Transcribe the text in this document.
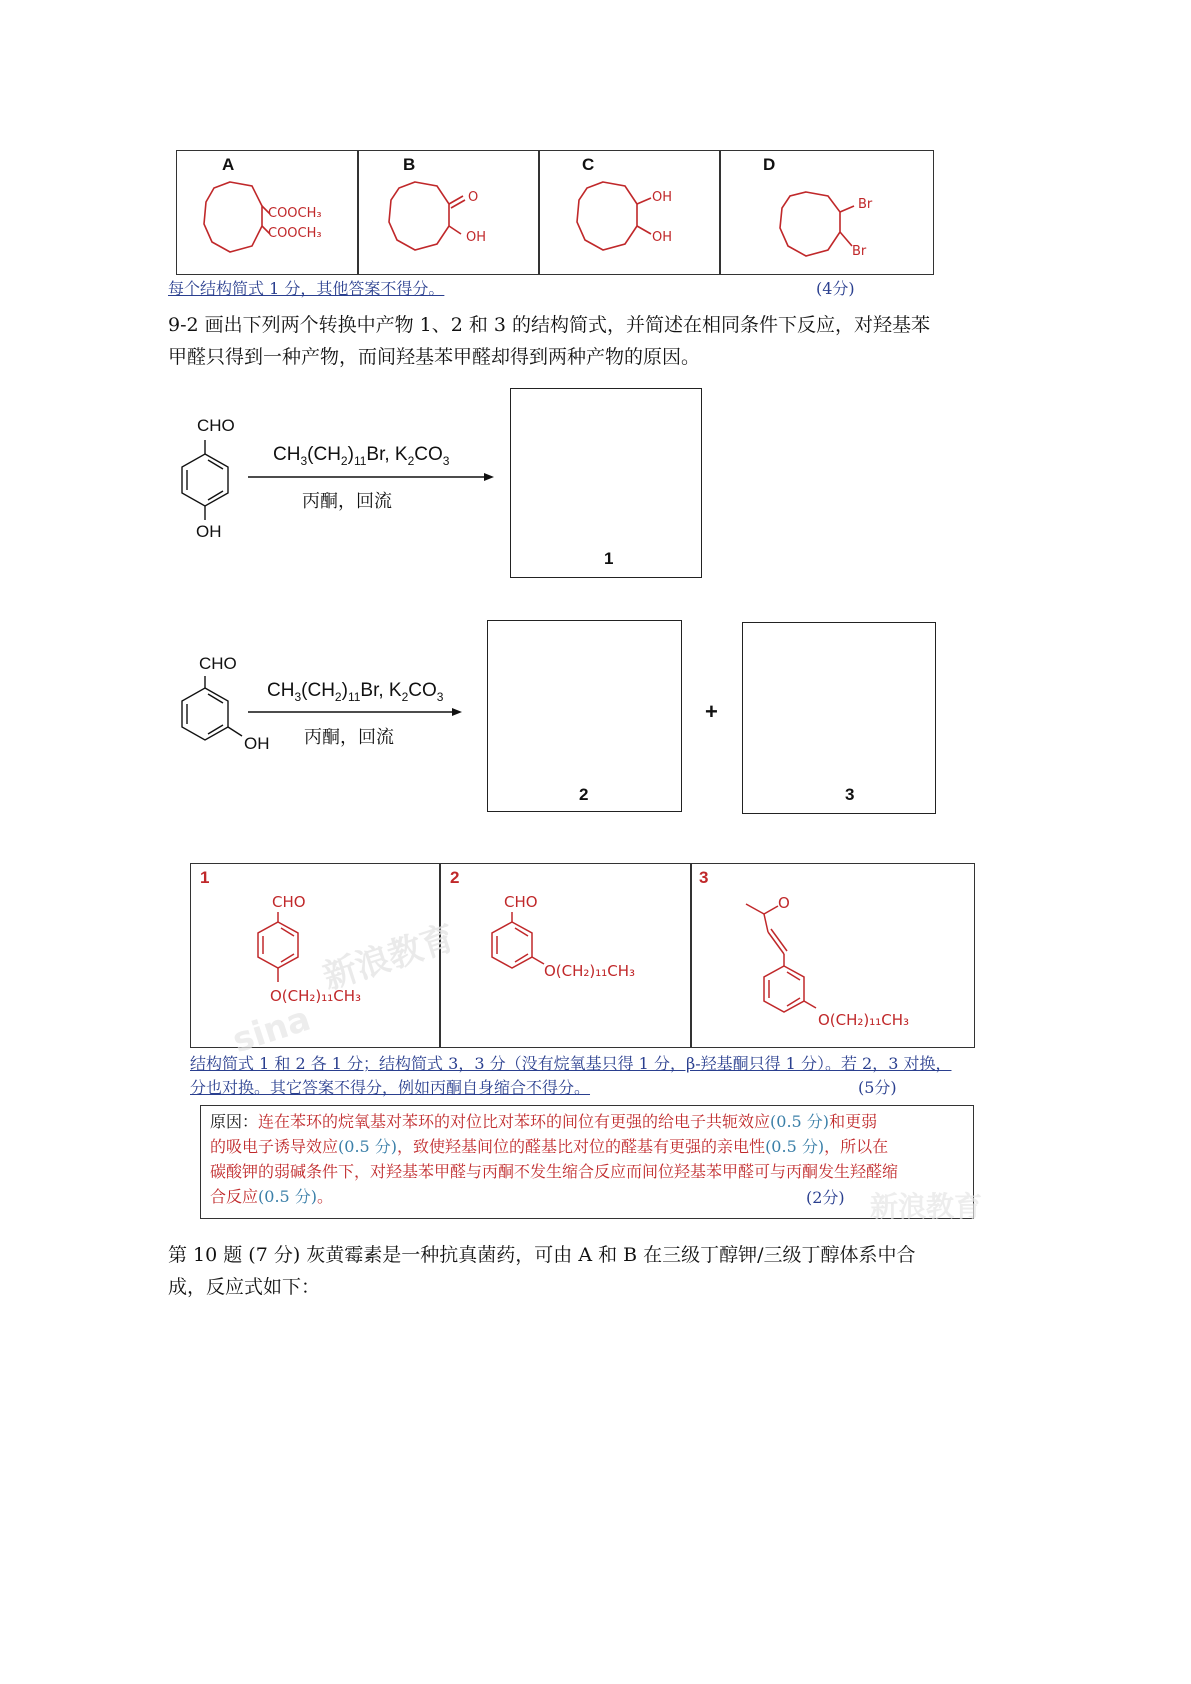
A
COOCH₃
COOCH₃
B
O
OH
C
OH
OH
D
Br
Br
每个结构简式 1 分，其他答案不得分。	(4分)
9-2 画出下列两个转换中产物 1、2 和 3 的结构简式，并简述在相同条件下反应，对羟基苯
甲醛只得到一种产物，而间羟基苯甲醛却得到两种产物的原因。
CHO
OH
$CH_3(CH_2)_{11}Br$, $K_2CO_3$
丙酮，回流
1
CHO
OH
$CH_3(CH_2)_{11}Br$, $K_2CO_3$
丙酮，回流
2
+
3
新浪教育
sina
1
CHO
O(CH₂)₁₁CH₃
2
CHO
O(CH₂)₁₁CH₃
3
O
O(CH₂)₁₁CH₃
结构简式 1 和 2 各 1 分；结构简式 3，3 分（没有烷氧基只得 1 分，β-羟基酮只得 1 分）。若 2，3 对换，
分也对换。其它答案不得分，例如丙酮自身缩合不得分。	(5分)
原因：连在苯环的烷氧基对苯环的对位比对苯环的间位有更强的给电子共轭效应(0.5 分)和更弱
的吸电子诱导效应(0.5 分)，致使羟基间位的醛基比对位的醛基有更强的亲电性(0.5 分)，所以在
碳酸钾的弱碱条件下，对羟基苯甲醛与丙酮不发生缩合反应而间位羟基苯甲醛可与丙酮发生羟醛缩
合反应(0.5 分)。	(2分) 新浪教育
第 10 题 (7 分) 灰黄霉素是一种抗真菌药，可由 A 和 B 在三级丁醇钾/三级丁醇体系中合
成，反应式如下：
